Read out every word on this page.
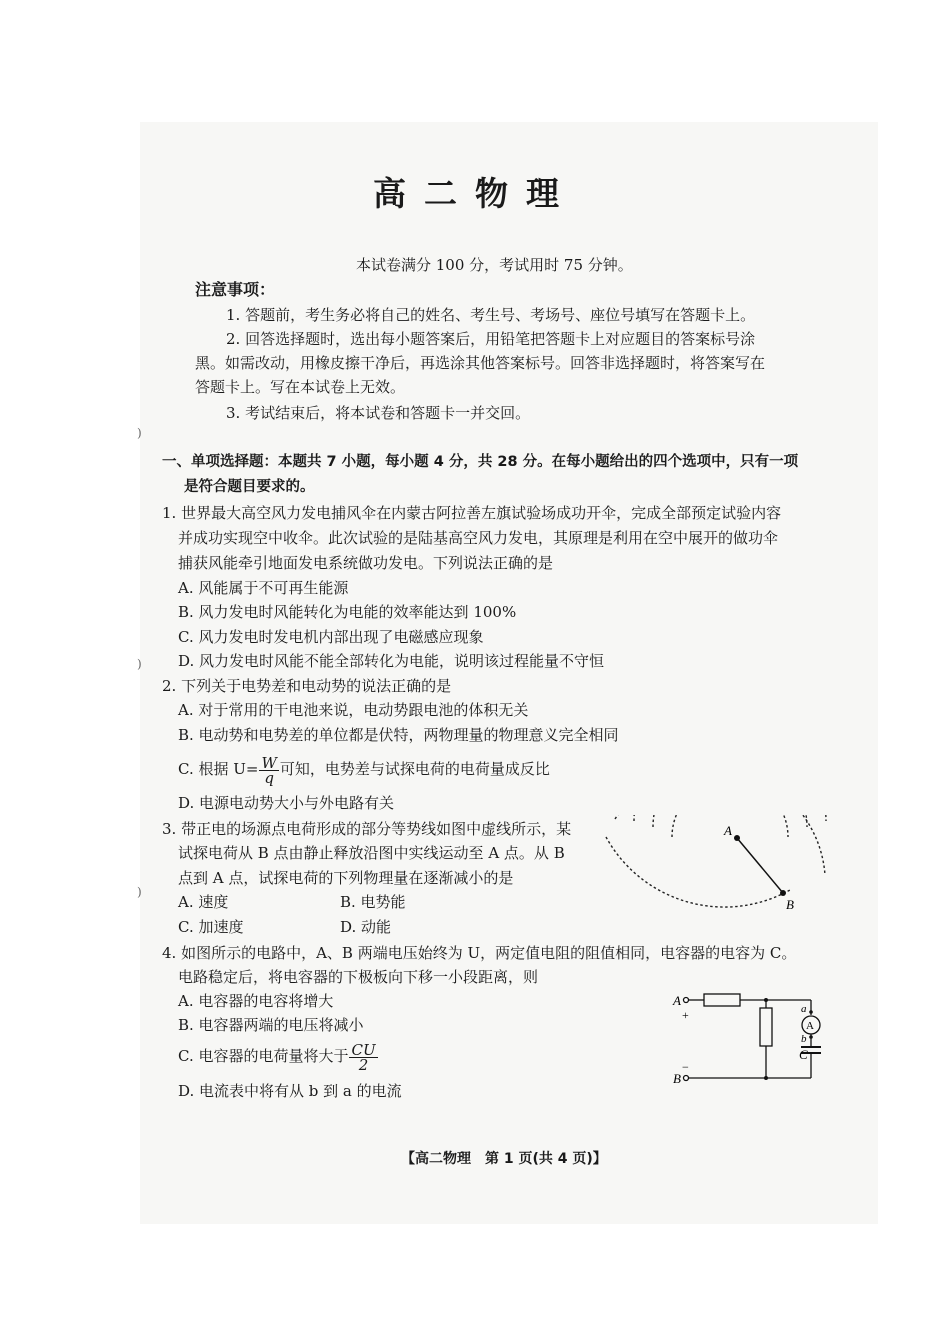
高二物理
本试卷满分 100 分，考试用时 75 分钟。
注意事项：
1. 答题前，考生务必将自己的姓名、考生号、考场号、座位号填写在答题卡上。
2. 回答选择题时，选出每小题答案后，用铅笔把答题卡上对应题目的答案标号涂
黑。如需改动，用橡皮擦干净后，再选涂其他答案标号。回答非选择题时，将答案写在
答题卡上。写在本试卷上无效。
3. 考试结束后，将本试卷和答题卡一并交回。
)
一、单项选择题：本题共 7 小题，每小题 4 分，共 28 分。在每小题给出的四个选项中，只有一项
是符合题目要求的。
1. 世界最大高空风力发电捕风伞在内蒙古阿拉善左旗试验场成功开伞，完成全部预定试验内容
并成功实现空中收伞。此次试验的是陆基高空风力发电，其原理是利用在空中展开的做功伞
捕获风能牵引地面发电系统做功发电。下列说法正确的是
A. 风能属于不可再生能源
B. 风力发电时风能转化为电能的效率能达到 100%
C. 风力发电时发电机内部出现了电磁感应现象
D. 风力发电时风能不能全部转化为电能，说明该过程能量不守恒
)
2. 下列关于电势差和电动势的说法正确的是
A. 对于常用的干电池来说，电动势跟电池的体积无关
B. 电动势和电势差的单位都是伏特，两物理量的物理意义完全相同
C. 根据 $U= \frac{W}{q}$ 可知，电势差与试探电荷的电荷量成反比
D. 电源电动势大小与外电路有关
3. 带正电的场源点电荷形成的部分等势线如图中虚线所示，某
试探电荷从 B 点由静止释放沿图中实线运动至 A 点。从 B
点到 A 点，试探电荷的下列物理量在逐渐减小的是
A. 速度	B. 电势能
C. 加速度	D. 动能
)
A
B
4. 如图所示的电路中，A、B 两端电压始终为 U，两定值电阻的阻值相同，电容器的电容为 C。
电路稳定后，将电容器的下极板向下移一小段距离，则
A. 电容器的电容将增大
B. 电容器两端的电压将减小
C. 电容器的电荷量将大于 $\frac{CU}{2}$
D. 电流表中将有从 b 到 a 的电流
A
+
B
−
a
b
A
C
【高二物理　第 1 页(共 4 页)】
